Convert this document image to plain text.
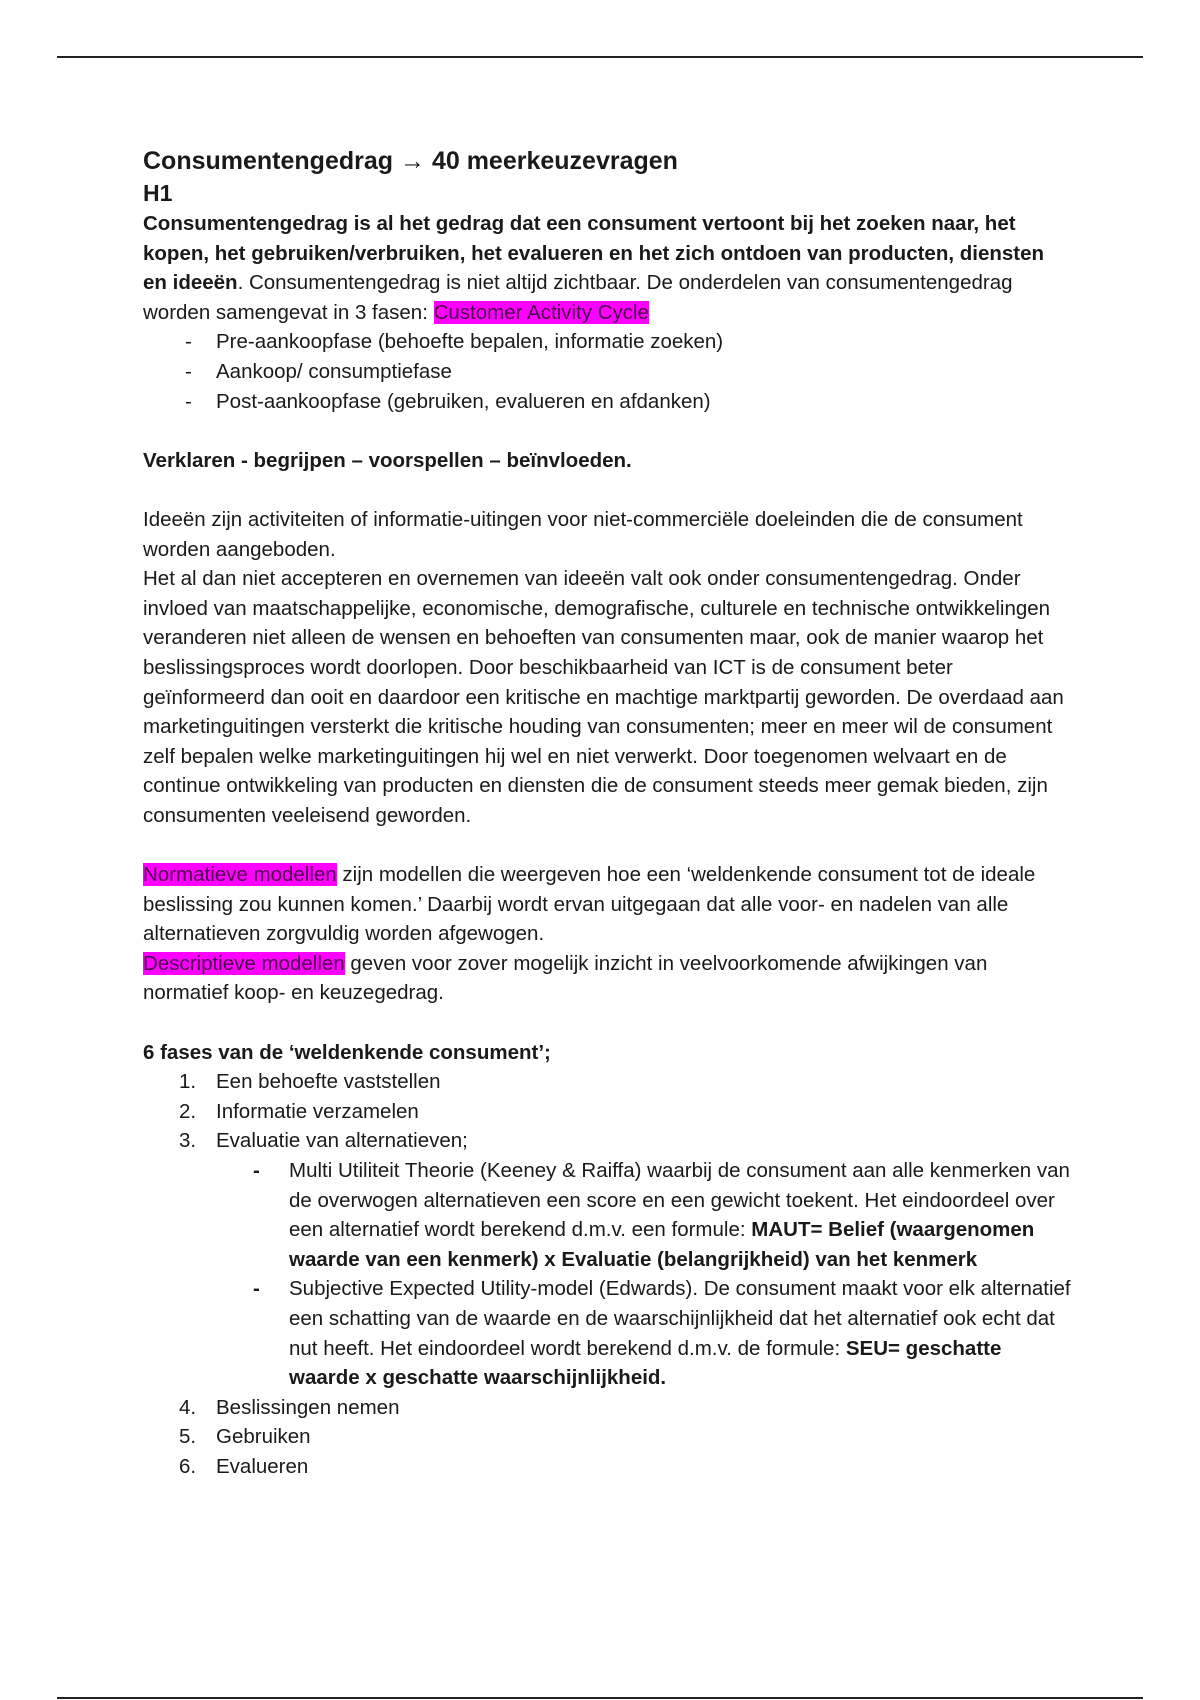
Consumentengedrag → 40 meerkeuzevragen

H1

Consumentengedrag is al het gedrag dat een consument vertoont bij het zoeken naar, het kopen, het gebruiken/verbruiken, het evalueren en het zich ontdoen van producten, diensten en ideeën. Consumentengedrag is niet altijd zichtbaar. De onderdelen van consumentengedrag worden samengevat in 3 fasen: Customer Activity Cycle

- Pre-aankoopfase (behoefte bepalen, informatie zoeken)
- Aankoop/ consumptiefase
- Post-aankoopfase (gebruiken, evalueren en afdanken)

Verklaren - begrijpen – voorspellen – beïnvloeden.

Ideeën zijn activiteiten of informatie-uitingen voor niet-commerciële doeleinden die de consument worden aangeboden.

Het al dan niet accepteren en overnemen van ideeën valt ook onder consumentengedrag. Onder invloed van maatschappelijke, economische, demografische, culturele en technische ontwikkelingen veranderen niet alleen de wensen en behoeften van consumenten maar, ook de manier waarop het beslissingsproces wordt doorlopen. Door beschikbaarheid van ICT is de consument beter geïnformeerd dan ooit en daardoor een kritische en machtige marktpartij geworden. De overdaad aan marketinguitingen versterkt die kritische houding van consumenten; meer en meer wil de consument zelf bepalen welke marketinguitingen hij wel en niet verwerkt. Door toegenomen welvaart en de continue ontwikkeling van producten en diensten die de consument steeds meer gemak bieden, zijn consumenten veeleisend geworden.

Normatieve modellen zijn modellen die weergeven hoe een ‘weldenkende consument tot de ideale beslissing zou kunnen komen.’ Daarbij wordt ervan uitgegaan dat alle voor- en nadelen van alle alternatieven zorgvuldig worden afgewogen.

Descriptieve modellen geven voor zover mogelijk inzicht in veelvoorkomende afwijkingen van normatief koop- en keuzegedrag.

6 fases van de ‘weldenkende consument’;

1. Een behoefte vaststellen
2. Informatie verzamelen
3. Evaluatie van alternatieven;
- Multi Utiliteit Theorie (Keeney & Raiffa) waarbij de consument aan alle kenmerken van de overwogen alternatieven een score en een gewicht toekent. Het eindoordeel over een alternatief wordt berekend d.m.v. een formule: MAUT= Belief (waargenomen waarde van een kenmerk) x Evaluatie (belangrijkheid) van het kenmerk
- Subjective Expected Utility-model (Edwards). De consument maakt voor elk alternatief een schatting van de waarde en de waarschijnlijkheid dat het alternatief ook echt dat nut heeft. Het eindoordeel wordt berekend d.m.v. de formule: SEU= geschatte waarde x geschatte waarschijnlijkheid.
4. Beslissingen nemen
5. Gebruiken
6. Evalueren
